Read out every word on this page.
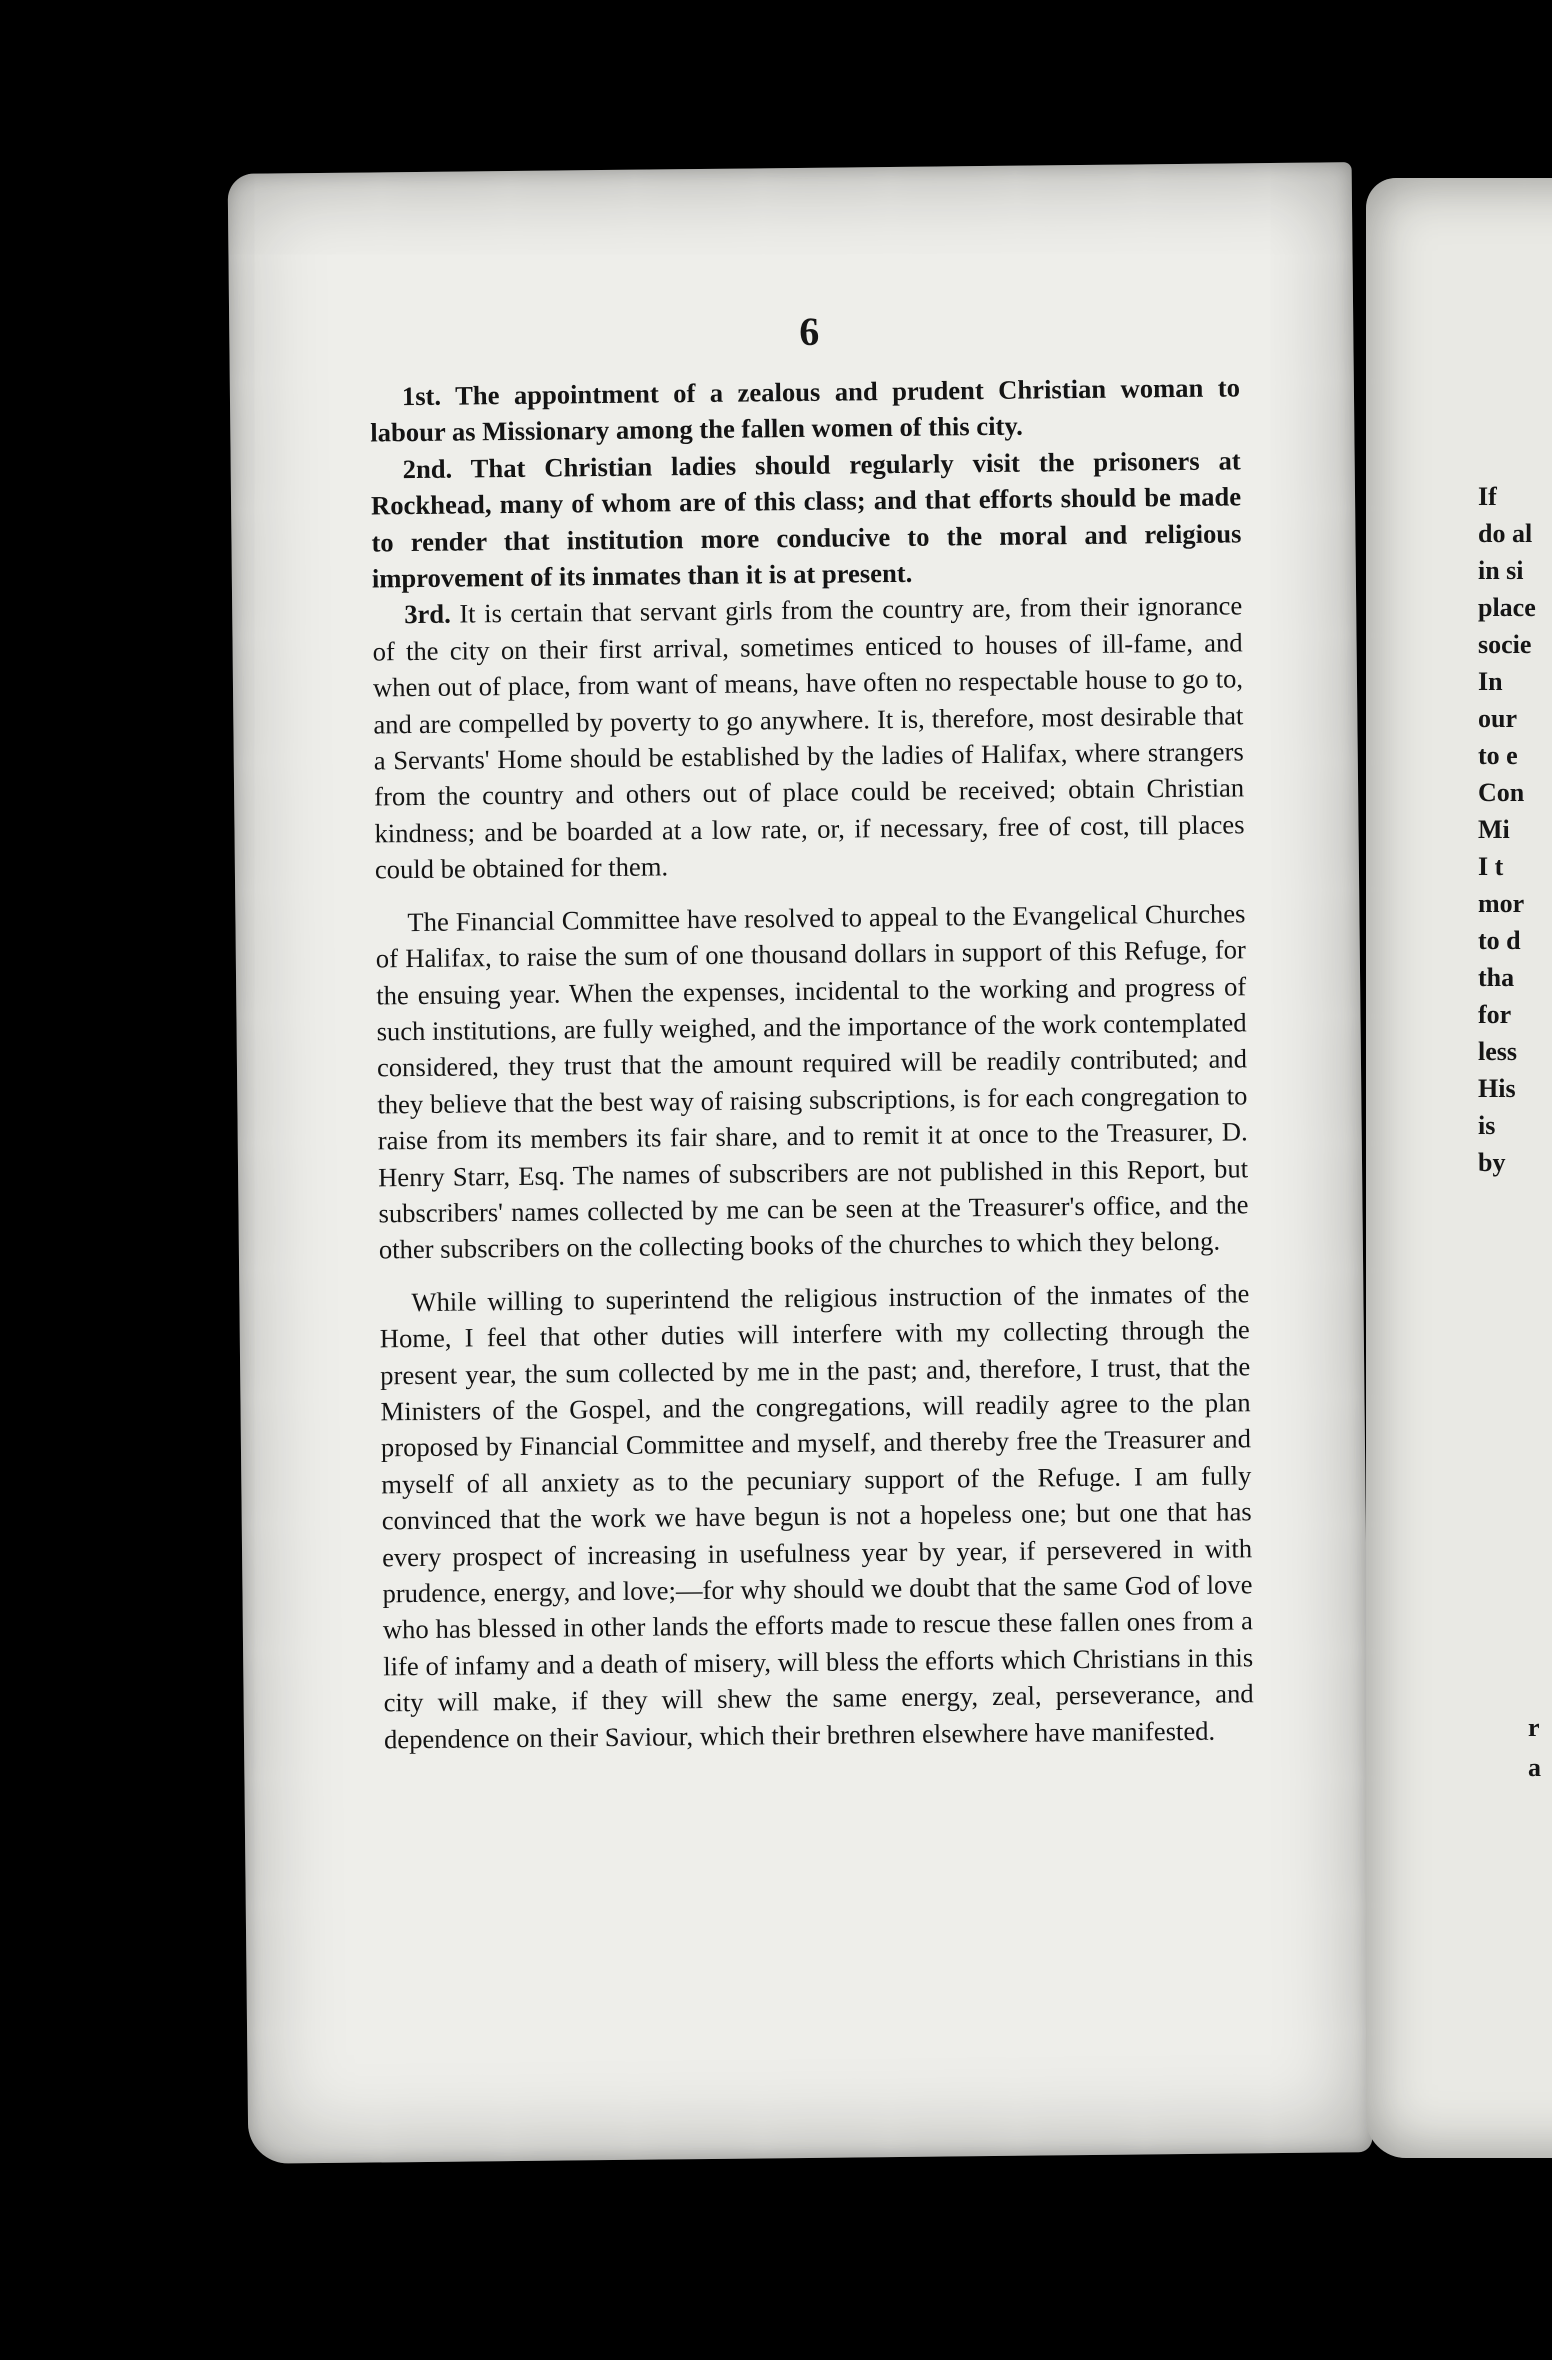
6

1st. The appointment of a zealous and prudent Christian woman to labour as Missionary among the fallen women of this city.

2nd. That Christian ladies should regularly visit the prisoners at Rockhead, many of whom are of this class; and that efforts should be made to render that institution more conducive to the moral and religious improvement of its inmates than it is at present.

3rd. It is certain that servant girls from the country are, from their ignorance of the city on their first arrival, sometimes enticed to houses of ill-fame, and when out of place, from want of means, have often no respectable house to go to, and are compelled by poverty to go anywhere. It is, therefore, most desirable that a Servants' Home should be established by the ladies of Halifax, where strangers from the country and others out of place could be received; obtain Christian kindness; and be boarded at a low rate, or, if necessary, free of cost, till places could be obtained for them.

The Financial Committee have resolved to appeal to the Evangelical Churches of Halifax, to raise the sum of one thousand dollars in support of this Refuge, for the ensuing year. When the expenses, incidental to the working and progress of such institutions, are fully weighed, and the importance of the work contemplated considered, they trust that the amount required will be readily contributed; and they believe that the best way of raising subscriptions, is for each congregation to raise from its members its fair share, and to remit it at once to the Treasurer, D. Henry Starr, Esq. The names of subscribers are not published in this Report, but subscribers' names collected by me can be seen at the Treasurer's office, and the other subscribers on the collecting books of the churches to which they belong.

While willing to superintend the religious instruction of the inmates of the Home, I feel that other duties will interfere with my collecting through the present year, the sum collected by me in the past; and, therefore, I trust, that the Ministers of the Gospel, and the congregations, will readily agree to the plan proposed by Financial Committee and myself, and thereby free the Treasurer and myself of all anxiety as to the pecuniary support of the Refuge. I am fully convinced that the work we have begun is not a hopeless one; but one that has every prospect of increasing in usefulness year by year, if persevered in with prudence, energy, and love;—for why should we doubt that the same God of love who has blessed in other lands the efforts made to rescue these fallen ones from a life of infamy and a death of misery, will bless the efforts which Christians in this city will make, if they will shew the same energy, zeal, perseverance, and dependence on their Saviour, which their brethren elsewhere have manifested.

If
do al
in si
place
socie
In
our
to e
Con
Mi
I t
mor
to d
tha
for
less
His
is
by
r
a
